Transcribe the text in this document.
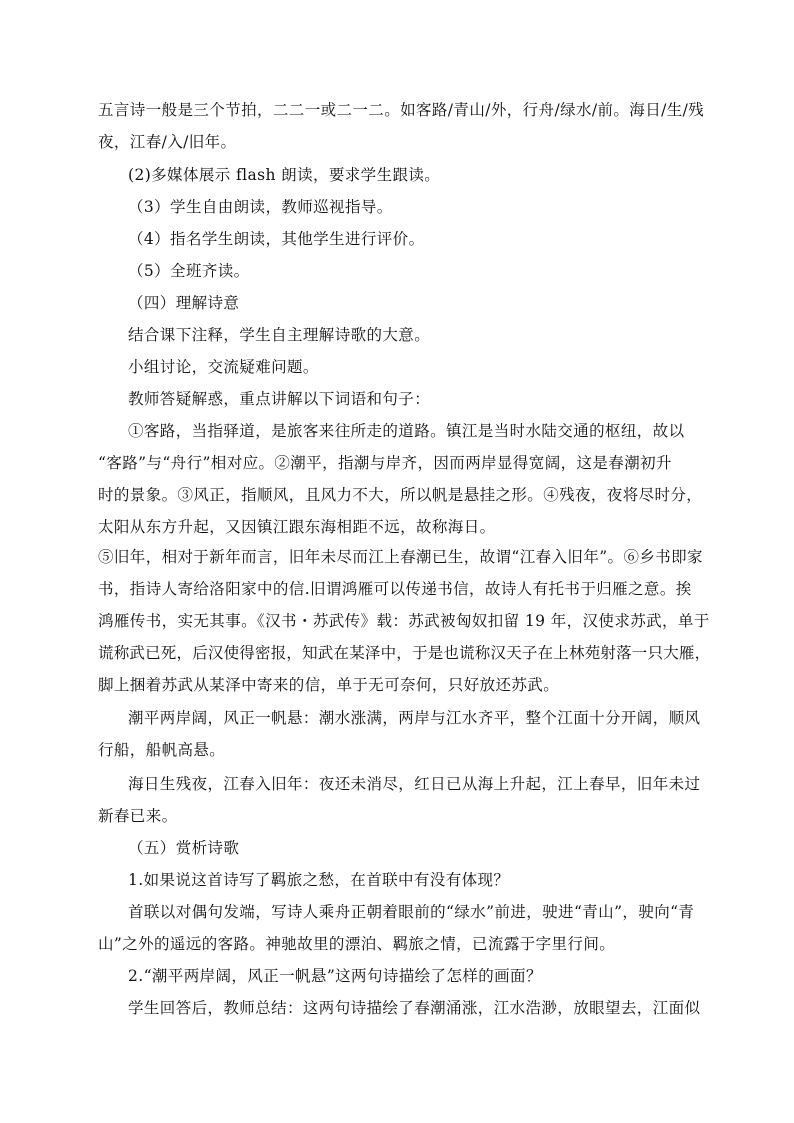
五言诗一般是三个节拍，二二一或二一二。如客路/青山/外，行舟/绿水/前。海日/生/残
夜，江春/入/旧年。
(2)多媒体展示 flash 朗读，要求学生跟读。
（3）学生自由朗读，教师巡视指导。
（4）指名学生朗读，其他学生进行评价。
（5）全班齐读。
（四）理解诗意
结合课下注释，学生自主理解诗歌的大意。
小组讨论，交流疑难问题。
教师答疑解惑，重点讲解以下词语和句子：
①客路，当指驿道，是旅客来往所走的道路。镇江是当时水陆交通的枢纽，故以
“客路”与“舟行”相对应。②潮平，指潮与岸齐，因而两岸显得宽阔，这是春潮初升
时的景象。③风正，指顺风，且风力不大，所以帆是悬挂之形。④残夜，夜将尽时分，
太阳从东方升起，又因镇江跟东海相距不远，故称海日。
⑤旧年，相对于新年而言，旧年未尽而江上春潮已生，故谓“江春入旧年”。⑥乡书即家
书，指诗人寄给洛阳家中的信.旧谓鸿雁可以传递书信，故诗人有托书于归雁之意。挨
鸿雁传书，实无其事。《汉书・苏武传》载：苏武被匈奴扣留 19 年，汉使求苏武，单于
谎称武已死，后汉使得密报，知武在某泽中，于是也谎称汉天子在上林苑射落一只大雁，
脚上捆着苏武从某泽中寄来的信，单于无可奈何，只好放还苏武。
潮平两岸阔，风正一帆悬：潮水涨满，两岸与江水齐平，整个江面十分开阔，顺风
行船，船帆高悬。
海日生残夜，江春入旧年：夜还未消尽，红日已从海上升起，江上春早，旧年未过
新春已来。
（五）赏析诗歌
1.如果说这首诗写了羁旅之愁，在首联中有没有体现？
首联以对偶句发端，写诗人乘舟正朝着眼前的“绿水”前进，驶进“青山”，驶向“青
山”之外的遥远的客路。神驰故里的漂泊、羁旅之情，已流露于字里行间。
2.“潮平两岸阔，风正一帆悬”这两句诗描绘了怎样的画面？
学生回答后，教师总结：这两句诗描绘了春潮涌涨，江水浩渺，放眼望去，江面似
